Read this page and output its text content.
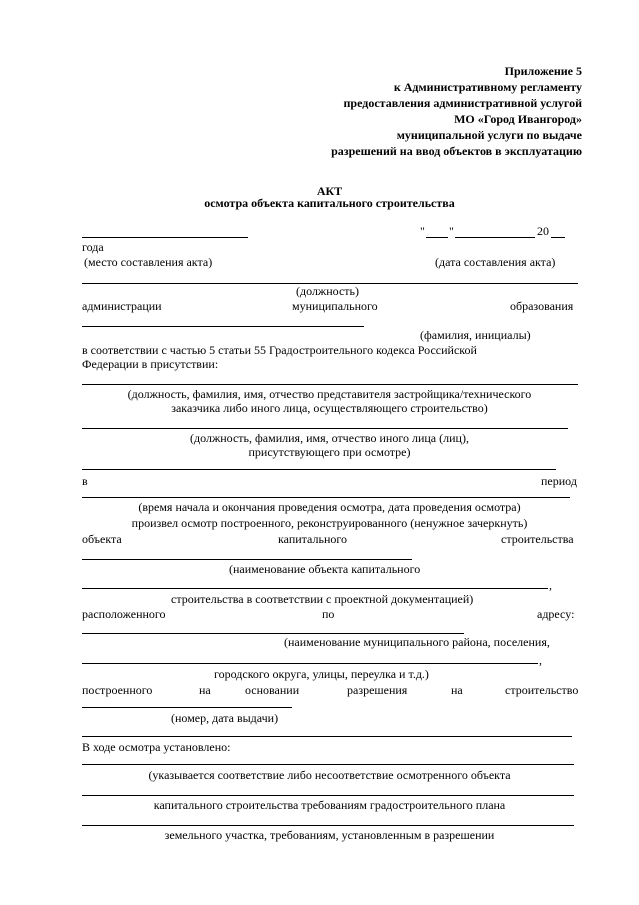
Приложение 5
к Административному регламенту
предоставления административной услугой
МО «Город Ивангород»
муниципальной услуги по выдаче
разрешений на ввод объектов в эксплуатацию
АКТ
осмотра объекта капитального строительства
" "	20
года
(место составления акта)	(дата составления акта)
(должность)
администрации	муниципального	образования
(фамилия, инициалы)
в соответствии с частью 5 статьи 55 Градостроительного кодекса Российской
Федерации в присутствии:
(должность, фамилия, имя, отчество представителя застройщика/технического
заказчика либо иного лица, осуществляющего строительство)
(должность, фамилия, имя, отчество иного лица (лиц),
присутствующего при осмотре)
в	период
(время начала и окончания проведения осмотра, дата проведения осмотра)
произвел осмотр построенного, реконструированного (ненужное зачеркнуть)
объекта	капитального	строительства
(наименование объекта капитального
,
строительства в соответствии с проектной документацией)
расположенного	по	адресу:
(наименование муниципального района, поселения,
,
городского округа, улицы, переулка и т.д.)
построенного	на	основании	разрешения	на	строительство
(номер, дата выдачи)
В ходе осмотра установлено:
(указывается соответствие либо несоответствие осмотренного объекта
капитального строительства требованиям градостроительного плана
земельного участка, требованиям, установленным в разрешении
